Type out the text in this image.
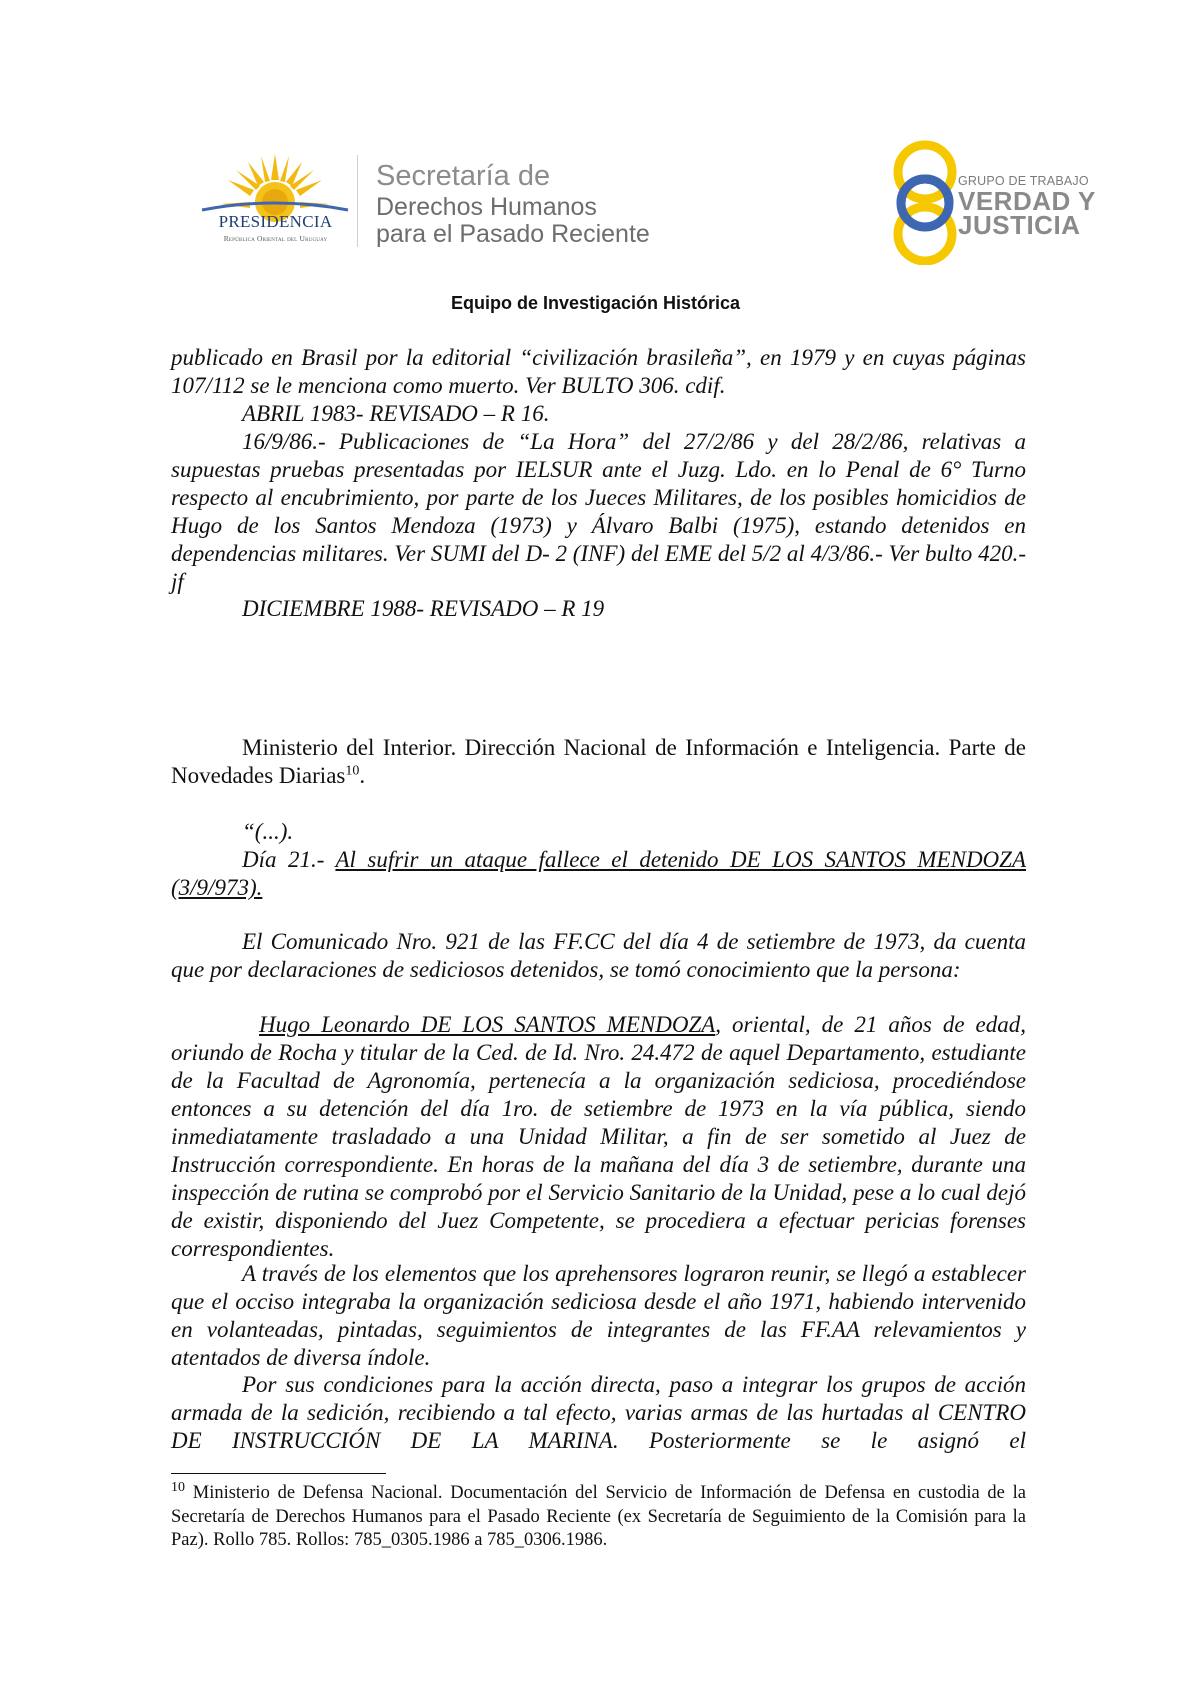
PRESIDENCIA
República Oriental del Uruguay
Secretaría de
Derechos Humanos
para el Pasado Reciente
GRUPO DE TRABAJO
VERDAD Y
JUSTICIA
Equipo de Investigación Histórica

publicado en Brasil por la editorial “civilización brasileña”, en 1979 y en cuyas páginas 107/112 se le menciona como muerto. Ver BULTO 306. cdif.

ABRIL 1983- REVISADO – R 16.

16/9/86.- Publicaciones de “La Hora” del 27/2/86 y del 28/2/86, relativas a supuestas pruebas presentadas por IELSUR ante el Juzg. Ldo. en lo Penal de 6° Turno respecto al encubrimiento, por parte de los Jueces Militares, de los posibles homicidios de Hugo de los Santos Mendoza (1973) y Álvaro Balbi (1975), estando detenidos en dependencias militares. Ver SUMI del D- 2 (INF) del EME del 5/2 al 4/3/86.- Ver bulto 420.- jf

DICIEMBRE 1988- REVISADO – R 19

Ministerio del Interior. Dirección Nacional de Información e Inteligencia. Parte de Novedades Diarias$^{10}$.

“(...).

Día 21.- Al sufrir un ataque fallece el detenido DE LOS SANTOS MENDOZA (3/9/973).

El Comunicado Nro. 921 de las FF.CC del día 4 de setiembre de 1973, da cuenta que por declaraciones de sediciosos detenidos, se tomó conocimiento que la persona:

Hugo Leonardo DE LOS SANTOS MENDOZA, oriental, de 21 años de edad, oriundo de Rocha y titular de la Ced. de Id. Nro. 24.472 de aquel Departamento, estudiante de la Facultad de Agronomía, pertenecía a la organización sediciosa, procediéndose entonces a su detención del día 1ro. de setiembre de 1973 en la vía pública, siendo inmediatamente trasladado a una Unidad Militar, a fin de ser sometido al Juez de Instrucción correspondiente. En horas de la mañana del día 3 de setiembre, durante una inspección de rutina se comprobó por el Servicio Sanitario de la Unidad, pese a lo cual dejó de existir, disponiendo del Juez Competente, se procediera a efectuar pericias forenses correspondientes.

A través de los elementos que los aprehensores lograron reunir, se llegó a establecer que el occiso integraba la organización sediciosa desde el año 1971, habiendo intervenido en volanteadas, pintadas, seguimientos de integrantes de las FF.AA relevamientos y atentados de diversa índole.

Por sus condiciones para la acción directa, paso a integrar los grupos de acción armada de la sedición, recibiendo a tal efecto, varias armas de las hurtadas al CENTRO DE INSTRUCCIÓN DE LA MARINA. Posteriormente se le asignó el

$^{10}$ Ministerio de Defensa Nacional. Documentación del Servicio de Información de Defensa en custodia de la Secretaría de Derechos Humanos para el Pasado Reciente (ex Secretaría de Seguimiento de la Comisión para la Paz). Rollo 785. Rollos: 785_0305.1986 a 785_0306.1986.
